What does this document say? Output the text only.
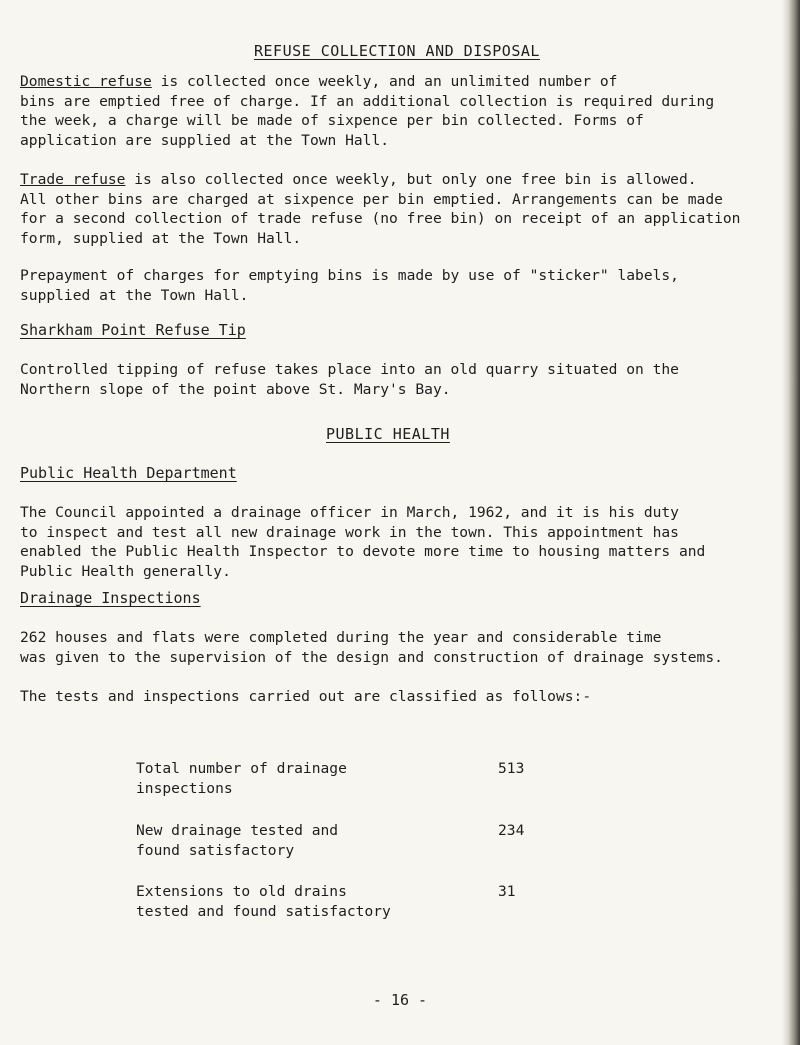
REFUSE COLLECTION AND DISPOSAL
Domestic refuse is collected once weekly, and an unlimited number of
bins are emptied free of charge. If an additional collection is required during
the week, a charge will be made of sixpence per bin collected. Forms of
application are supplied at the Town Hall.
Trade refuse is also collected once weekly, but only one free bin is allowed.
All other bins are charged at sixpence per bin emptied. Arrangements can be made
for a second collection of trade refuse (no free bin) on receipt of an application
form, supplied at the Town Hall.
Prepayment of charges for emptying bins is made by use of "sticker" labels,
supplied at the Town Hall.
Sharkham Point Refuse Tip
Controlled tipping of refuse takes place into an old quarry situated on the
Northern slope of the point above St. Mary's Bay.
PUBLIC HEALTH
Public Health Department
The Council appointed a drainage officer in March, 1962, and it is his duty
to inspect and test all new drainage work in the town. This appointment has
enabled the Public Health Inspector to devote more time to housing matters and
Public Health generally.
Drainage Inspections
262 houses and flats were completed during the year and considerable time
was given to the supervision of the design and construction of drainage systems.
The tests and inspections carried out are classified as follows:-
Total number of drainage
inspections
513
New drainage tested and
found satisfactory
234
Extensions to old drains
tested and found satisfactory
31
- 16 -
